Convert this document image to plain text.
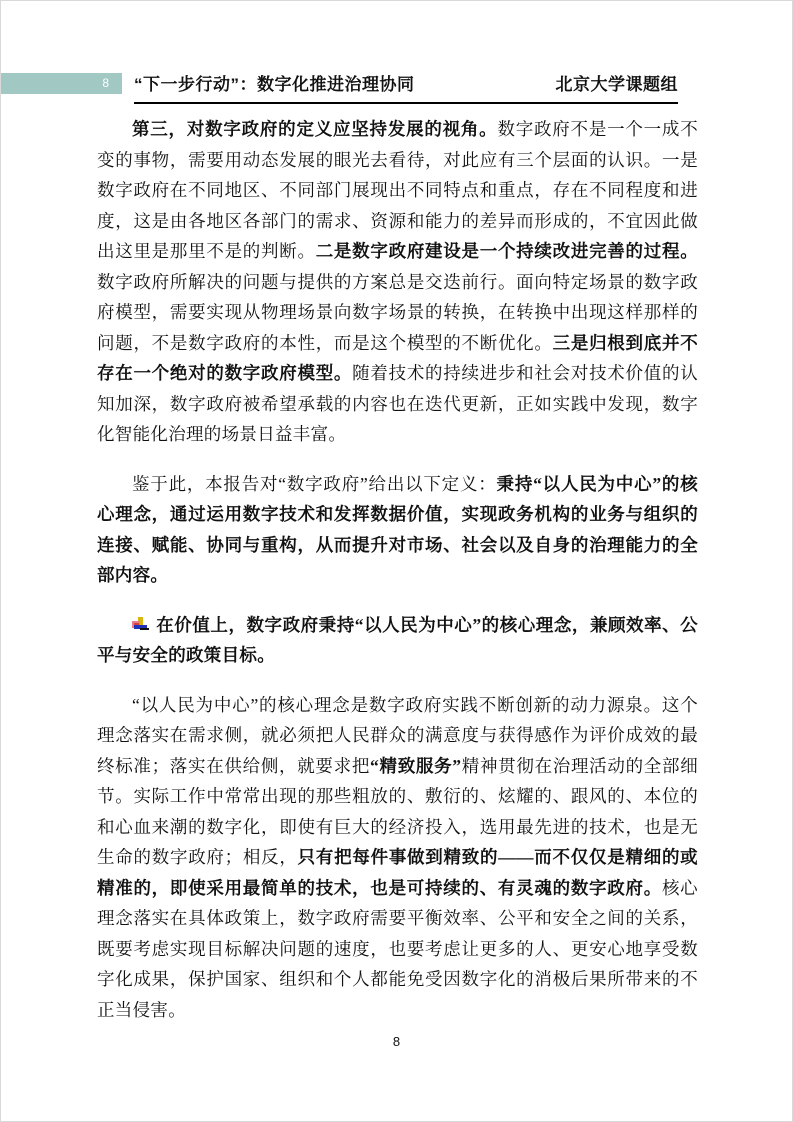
8	“下一步行动”：数字化推进治理协同	北京大学课题组

第三，对数字政府的定义应坚持发展的视角。数字政府不是一个一成不变的事物，需要用动态发展的眼光去看待，对此应有三个层面的认识。一是数字政府在不同地区、不同部门展现出不同特点和重点，存在不同程度和进度，这是由各地区各部门的需求、资源和能力的差异而形成的，不宜因此做出这里是那里不是的判断。二是数字政府建设是一个持续改进完善的过程。数字政府所解决的问题与提供的方案总是交迭前行。面向特定场景的数字政府模型，需要实现从物理场景向数字场景的转换，在转换中出现这样那样的问题，不是数字政府的本性，而是这个模型的不断优化。三是归根到底并不存在一个绝对的数字政府模型。随着技术的持续进步和社会对技术价值的认知加深，数字政府被希望承载的内容也在迭代更新，正如实践中发现，数字化智能化治理的场景日益丰富。

鉴于此，本报告对“数字政府”给出以下定义：秉持“以人民为中心”的核心理念，通过运用数字技术和发挥数据价值，实现政务机构的业务与组织的连接、赋能、协同与重构，从而提升对市场、社会以及自身的治理能力的全部内容。

在价值上，数字政府秉持“以人民为中心”的核心理念，兼顾效率、公平与安全的政策目标。

“以人民为中心”的核心理念是数字政府实践不断创新的动力源泉。这个理念落实在需求侧，就必须把人民群众的满意度与获得感作为评价成效的最终标准；落实在供给侧，就要求把“精致服务”精神贯彻在治理活动的全部细节。实际工作中常常出现的那些粗放的、敷衍的、炫耀的、跟风的、本位的和心血来潮的数字化，即使有巨大的经济投入，选用最先进的技术，也是无生命的数字政府；相反，只有把每件事做到精致的——而不仅仅是精细的或精准的，即使采用最简单的技术，也是可持续的、有灵魂的数字政府。核心理念落实在具体政策上，数字政府需要平衡效率、公平和安全之间的关系，既要考虑实现目标解决问题的速度，也要考虑让更多的人、更安心地享受数字化成果，保护国家、组织和个人都能免受因数字化的消极后果所带来的不正当侵害。

8
